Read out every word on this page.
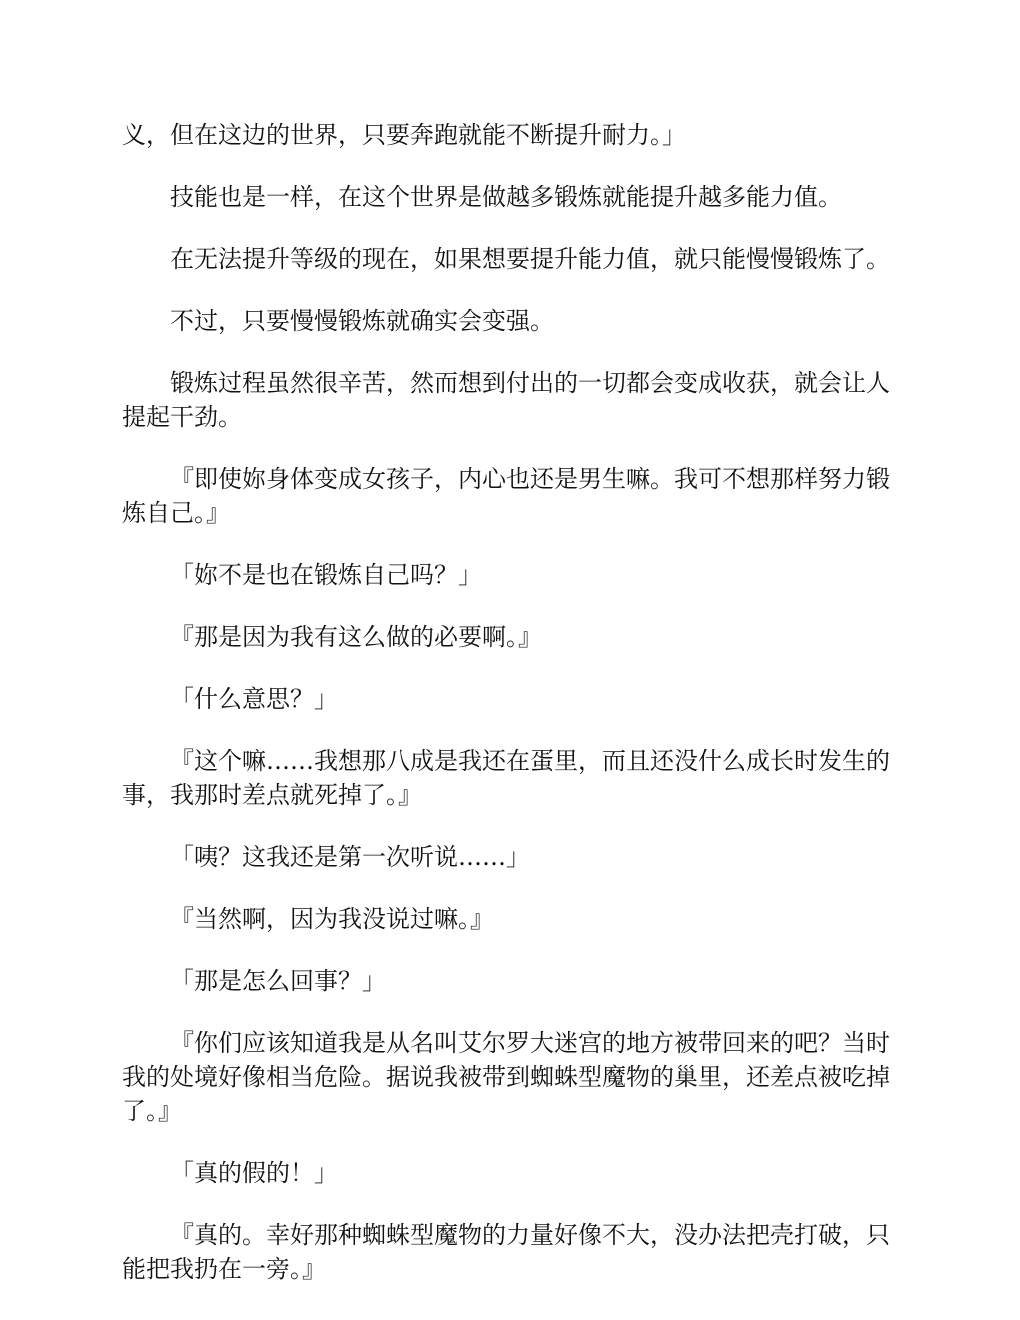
义，但在这边的世界，只要奔跑就能不断提升耐力。」

技能也是一样，在这个世界是做越多锻炼就能提升越多能力值。

在无法提升等级的现在，如果想要提升能力值，就只能慢慢锻炼了。

不过，只要慢慢锻炼就确实会变强。

锻炼过程虽然很辛苦，然而想到付出的一切都会变成收获，就会让人提起干劲。

『即使妳身体变成女孩子，内心也还是男生嘛。我可不想那样努力锻炼自己。』

「妳不是也在锻炼自己吗？」

『那是因为我有这么做的必要啊。』

「什么意思？」

『这个嘛……我想那八成是我还在蛋里，而且还没什么成长时发生的事，我那时差点就死掉了。』

「咦？这我还是第一次听说……」

『当然啊，因为我没说过嘛。』

「那是怎么回事？」

『你们应该知道我是从名叫艾尔罗大迷宫的地方被带回来的吧？当时我的处境好像相当危险。据说我被带到蜘蛛型魔物的巢里，还差点被吃掉了。』

「真的假的！」

『真的。幸好那种蜘蛛型魔物的力量好像不大，没办法把壳打破，只能把我扔在一旁。』
